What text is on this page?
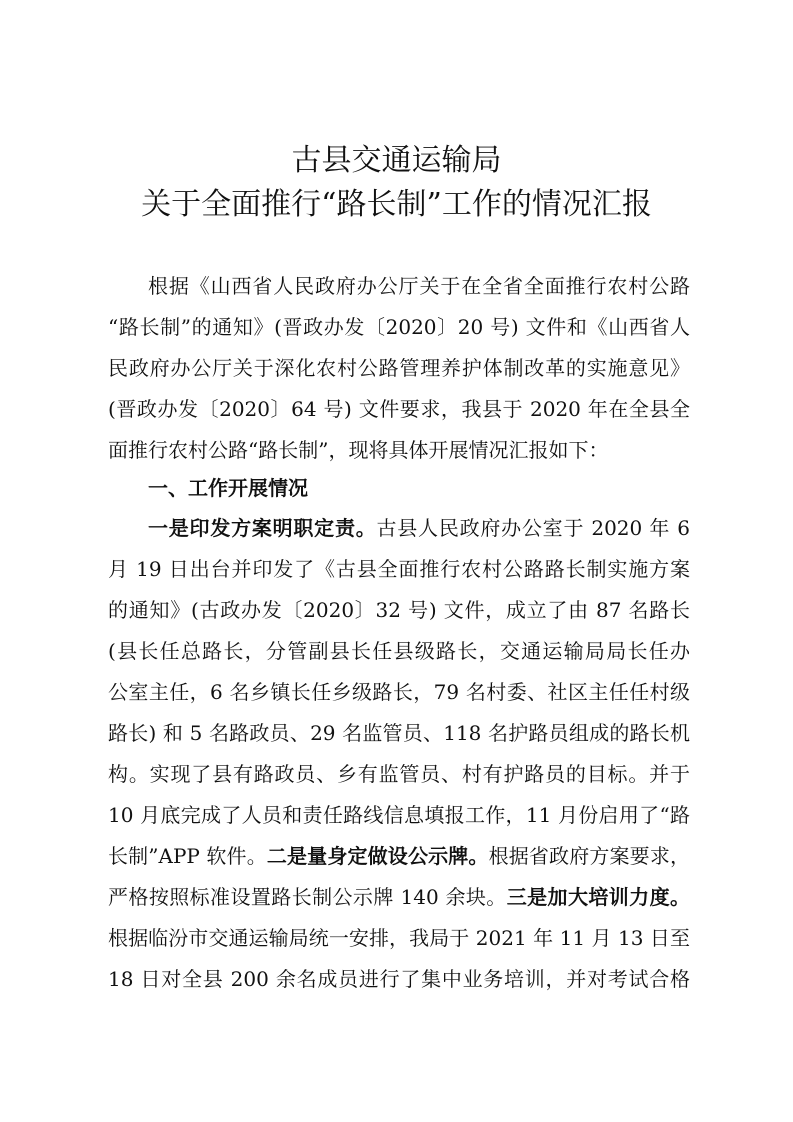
古县交通运输局
关于全面推行“路长制”工作的情况汇报
根据《山西省人民政府办公厅关于在全省全面推行农村公路
“路长制”的通知》(晋政办发〔2020〕20 号) 文件和《山西省人
民政府办公厅关于深化农村公路管理养护体制改革的实施意见》
(晋政办发〔2020〕64 号) 文件要求，我县于 2020 年在全县全
面推行农村公路“路长制”，现将具体开展情况汇报如下：
一、工作开展情况
一是印发方案明职定责。古县人民政府办公室于 2020 年 6
月 19 日出台并印发了《古县全面推行农村公路路长制实施方案
的通知》(古政办发〔2020〕32 号) 文件，成立了由 87 名路长
(县长任总路长，分管副县长任县级路长，交通运输局局长任办
公室主任，6 名乡镇长任乡级路长，79 名村委、社区主任任村级
路长) 和 5 名路政员、29 名监管员、118 名护路员组成的路长机
构。实现了县有路政员、乡有监管员、村有护路员的目标。并于
10 月底完成了人员和责任路线信息填报工作，11 月份启用了“路
长制”APP 软件。二是量身定做设公示牌。根据省政府方案要求，
严格按照标准设置路长制公示牌 140 余块。三是加大培训力度。
根据临汾市交通运输局统一安排，我局于 2021 年 11 月 13 日至
18 日对全县 200 余名成员进行了集中业务培训，并对考试合格
